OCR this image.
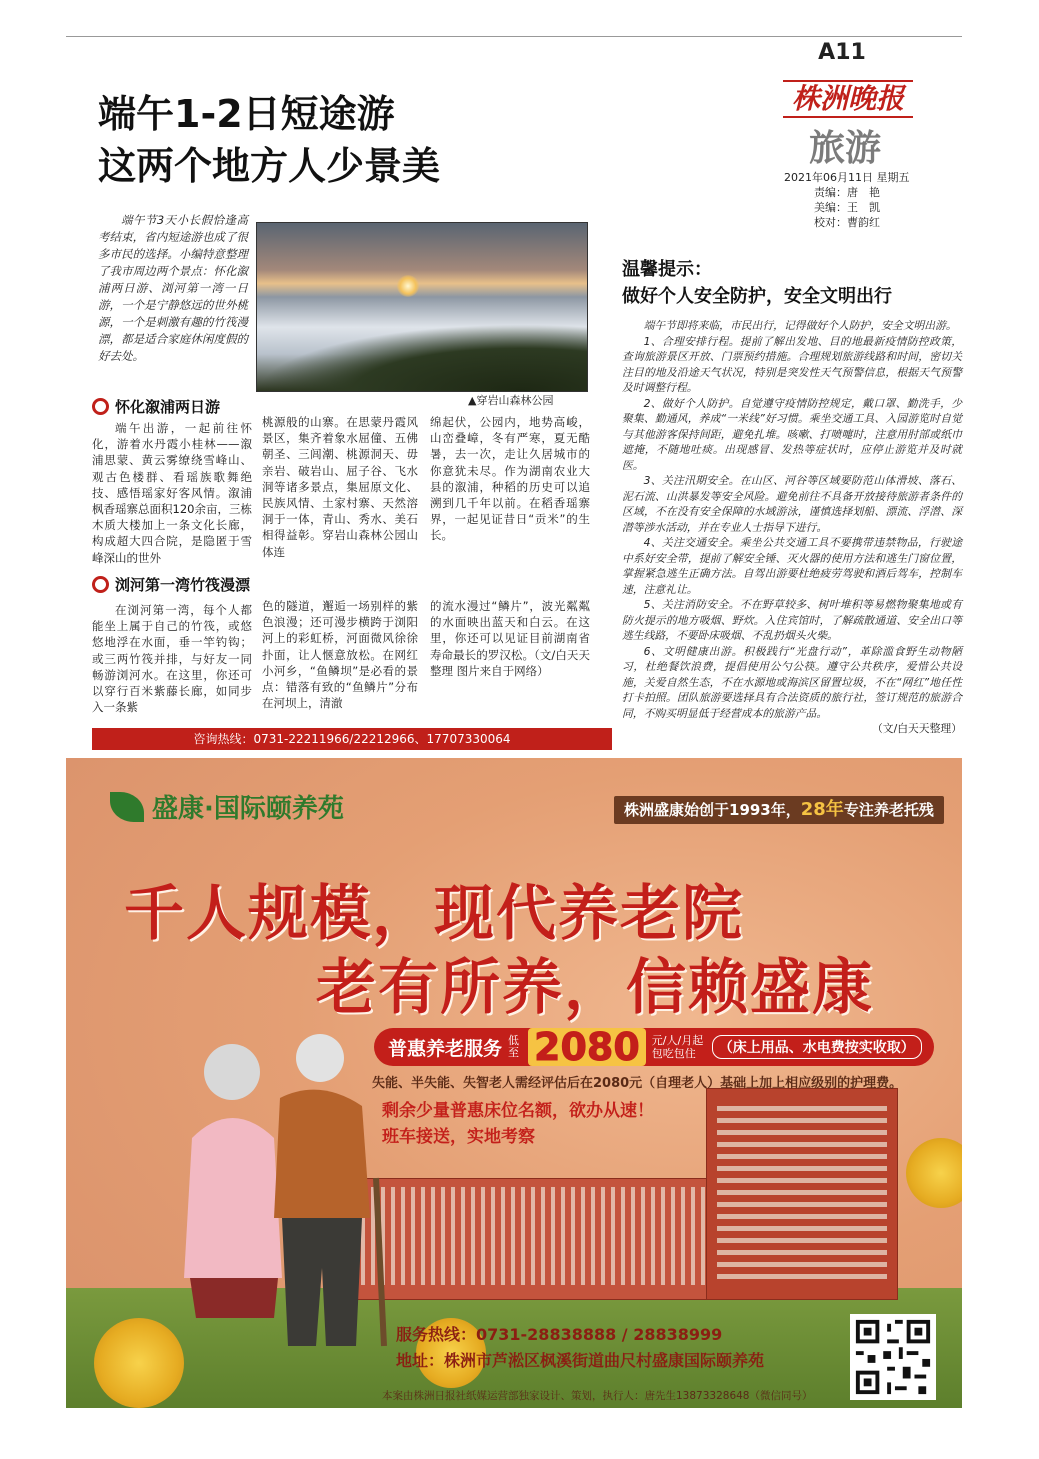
A11
株洲晚报
旅游
2021年06月11日 星期五
责编：唐　艳
美编：王　凯
校对：曹韵红
端午1-2日短途游
这两个地方人少景美
端午节3天小长假恰逢高考结束，省内短途游也成了很多市民的选择。小编特意整理了我市周边两个景点：怀化溆浦两日游、浏河第一湾一日游，一个是宁静悠远的世外桃源，一个是刺激有趣的竹筏漫漂，都是适合家庭休闲度假的好去处。
▲穿岩山森林公园
怀化溆浦两日游

端午出游，一起前往怀化，游着水丹霞小桂林——溆浦思蒙、黄云雾缭绕雪峰山、观古色楼群、看瑶族歌舞绝技、感悟瑶家好客风情。溆浦枫香瑶寨总面积120余亩，三栋木质大楼加上一条文化长廊，构成超大四合院，是隐匿于雪峰深山的世外

桃源般的山寨。在思蒙丹霞风景区，集齐着象水屈僮、五佛朝圣、三闾潮、桃源洞天、毋亲岩、破岩山、屈子谷、飞水洞等诸多景点，集屈原文化、民族风情、土家村寨、天然溶洞于一体，青山、秀水、美石相得益彰。穿岩山森林公园山体连

绵起伏，公园内，地势高峻，山峦叠嶂，冬有严寒，夏无酷暑，去一次，走让久居城市的你意犹未尽。作为湖南农业大县的溆浦，种稻的历史可以追溯到几千年以前。在稻香瑶寨界，一起见证昔日“贡米”的生长。

浏河第一湾竹筏漫漂

在浏河第一湾，每个人都能坐上属于自己的竹筏，或悠悠地浮在水面，垂一竿钓钩；或三两竹筏并排，与好友一同畅游浏河水。在这里，你还可以穿行百米紫藤长廊，如同步入一条紫

色的隧道，邂逅一场别样的紫色浪漫；还可漫步横跨于浏阳河上的彩虹桥，河面微风徐徐扑面，让人惬意放松。在网红小河乡，“鱼鳞坝”是必看的景点：错落有致的“鱼鳞片”分布在河坝上，清澈

的流水漫过“鳞片”，波光粼粼的水面映出蓝天和白云。在这里，你还可以见证目前湖南省寿命最长的罗汉松。（文/白天天整理 图片来自于网络）

咨询热线：0731-22211966/22212966、17707330064
温馨提示：
做好个人安全防护，安全文明出行

端午节即将来临，市民出行，记得做好个人防护，安全文明出游。

1、合理安排行程。提前了解出发地、目的地最新疫情防控政策，查询旅游景区开放、门票预约措施。合理规划旅游线路和时间，密切关注目的地及沿途天气状况，特别是突发性天气预警信息，根据天气预警及时调整行程。

2、做好个人防护。自觉遵守疫情防控规定，戴口罩、勤洗手，少聚集、勤通风，养成“一米线”好习惯。乘坐交通工具、入园游览时自觉与其他游客保持间距，避免扎堆。咳嗽、打喷嚏时，注意用肘部或纸巾遮掩，不随地吐痰。出现感冒、发热等症状时，应停止游览并及时就医。

3、关注汛期安全。在山区、河谷等区域要防范山体滑坡、落石、泥石流、山洪暴发等安全风险。避免前往不具备开放接待旅游者条件的区域，不在没有安全保障的水域游泳，谨慎选择划船、漂流、浮潜、深潜等涉水活动，并在专业人士指导下进行。

4、关注交通安全。乘坐公共交通工具不要携带违禁物品，行驶途中系好安全带，提前了解安全锤、灭火器的使用方法和逃生门窗位置，掌握紧急逃生正确方法。自驾出游要杜绝疲劳驾驶和酒后驾车，控制车速，注意礼让。

5、关注消防安全。不在野草较多、树叶堆积等易燃物聚集地或有防火提示的地方吸烟、野炊。入住宾馆时，了解疏散通道、安全出口等逃生线路，不要卧床吸烟、不乱扔烟头火柴。

6、文明健康出游。积极践行“光盘行动”，革除滥食野生动物陋习，杜绝餐饮浪费，提倡使用公勺公筷。遵守公共秩序，爱惜公共设施，关爱自然生态，不在水源地或海滨区留置垃圾，不在“网红”地任性打卡拍照。团队旅游要选择具有合法资质的旅行社，签订规范的旅游合同，不购买明显低于经营成本的旅游产品。

（文/白天天整理）

盛康·国际颐养苑	株洲盛康始创于1993年，28年专注养老托残
千人规模，现代养老院
老有所养，信赖盛康
普惠养老服务 低至 2080	元/人/月起 包吃包住	（床上用品、水电费按实收取）
失能、半失能、失智老人需经评估后在2080元（自理老人）基础上加上相应级别的护理费。
剩余少量普惠床位名额，欲办从速！
班车接送，实地考察
服务热线：0731-28838888 / 28838999
地址：株洲市芦淞区枫溪街道曲尺村盛康国际颐养苑
本案由株洲日报社纸媒运营部独家设计、策划，执行人：唐先生13873328648（微信同号）
